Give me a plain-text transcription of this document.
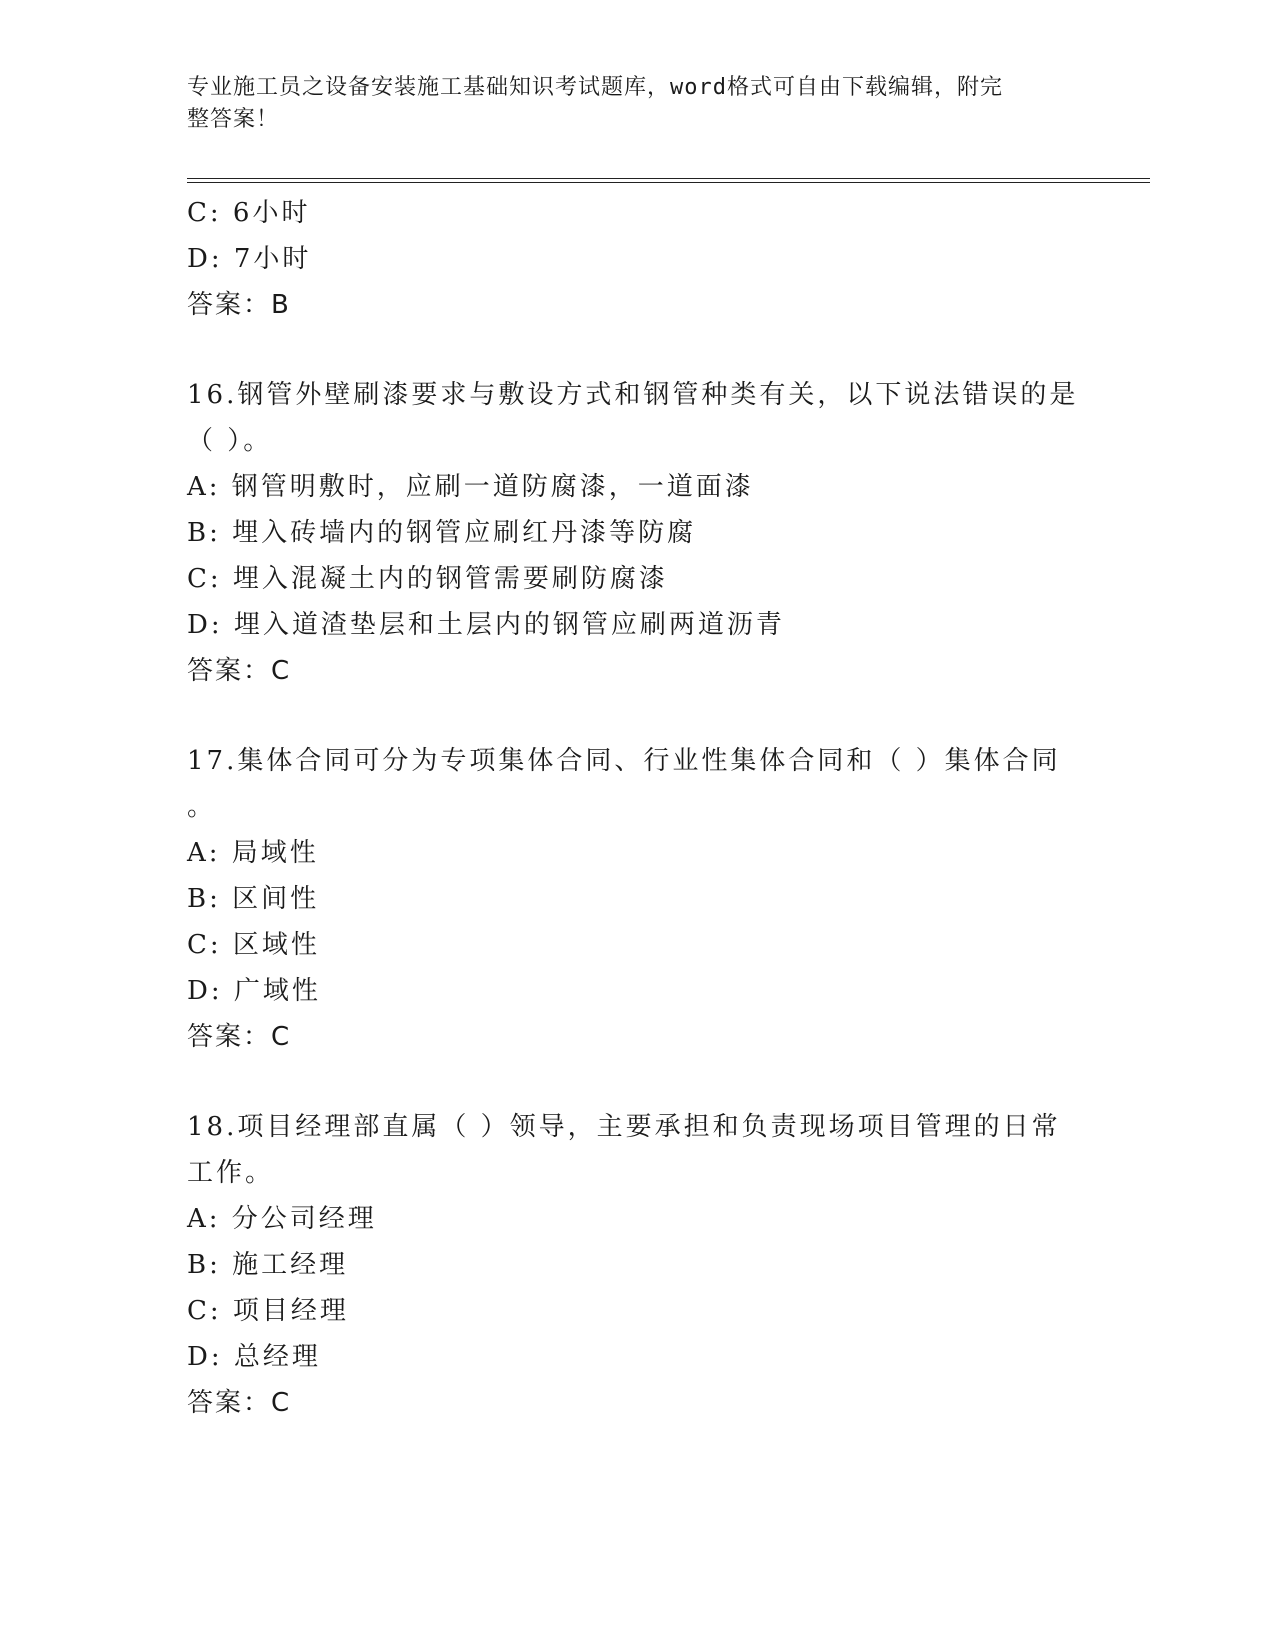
专业施工员之设备安装施工基础知识考试题库，word格式可自由下载编辑，附完
整答案！
C: 6小时
D: 7小时
答案：B
16.钢管外壁刷漆要求与敷设方式和钢管种类有关，以下说法错误的是
（ ）。
A: 钢管明敷时，应刷一道防腐漆，一道面漆
B: 埋入砖墙内的钢管应刷红丹漆等防腐
C: 埋入混凝土内的钢管需要刷防腐漆
D: 埋入道渣垫层和土层内的钢管应刷两道沥青
答案：C
17.集体合同可分为专项集体合同、行业性集体合同和（ ）集体合同
。
A: 局域性
B: 区间性
C: 区域性
D: 广域性
答案：C
18.项目经理部直属（ ）领导，主要承担和负责现场项目管理的日常
工作。
A: 分公司经理
B: 施工经理
C: 项目经理
D: 总经理
答案：C
